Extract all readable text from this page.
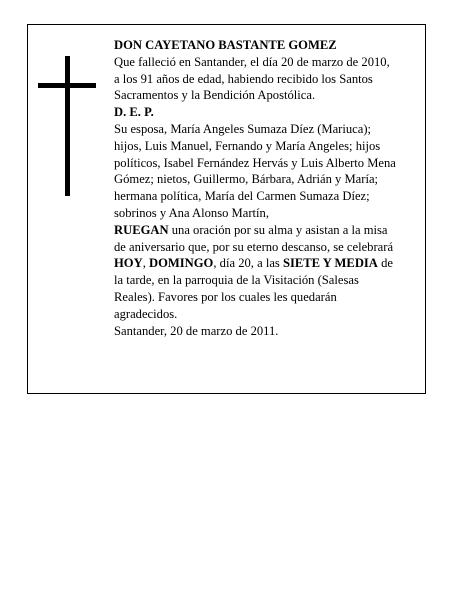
DON CAYETANO BASTANTE GOMEZ

Que falleció en Santander, el día 20 de marzo de 2010,

a los 91 años de edad, habiendo recibido los Santos

Sacramentos y la Bendición Apostólica.

D. E. P.

Su esposa, María Angeles Sumaza Díez (Mariuca);

hijos, Luis Manuel, Fernando y María Angeles; hijos

políticos, Isabel Fernández Hervás y Luis Alberto Mena

Gómez; nietos, Guillermo, Bárbara, Adrián y María;

hermana política, María del Carmen Sumaza Díez;

sobrinos y Ana Alonso Martín,

RUEGAN una oración por su alma y asistan a la misa

de aniversario que, por su eterno descanso, se celebrará

HOY, DOMINGO, día 20, a las SIETE Y MEDIA de

la tarde, en la parroquia de la Visitación (Salesas

Reales). Favores por los cuales les quedarán

agradecidos.

Santander, 20 de marzo de 2011.
